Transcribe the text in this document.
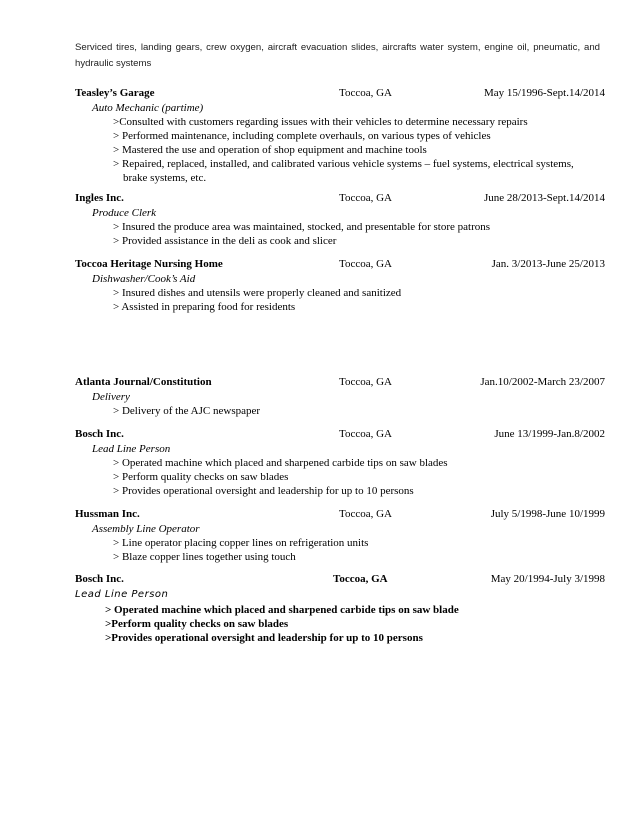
Serviced tires, landing gears, crew oxygen, aircraft evacuation slides, aircrafts water system, engine oil, pneumatic, and hydraulic systems
Teasley’s Garage	Toccoa, GA	May 15/1996-Sept.14/2014
Auto Mechanic (partime)
>Consulted with customers regarding issues with their vehicles to determine necessary repairs
> Performed maintenance, including complete overhauls, on various types of vehicles
> Mastered the use and operation of shop equipment and machine tools
> Repaired, replaced, installed, and calibrated various vehicle systems – fuel systems, electrical systems,
brake systems, etc.
Ingles Inc.	Toccoa, GA	June 28/2013-Sept.14/2014
Produce Clerk
> Insured the produce area was maintained, stocked, and presentable for store patrons
> Provided assistance in the deli as cook and slicer
Toccoa Heritage Nursing Home	Toccoa, GA	Jan. 3/2013-June 25/2013
Dishwasher/Cook’s Aid
> Insured dishes and utensils were properly cleaned and sanitized
> Assisted in preparing food for residents
Atlanta Journal/Constitution	Toccoa, GA	Jan.10/2002-March 23/2007
Delivery
> Delivery of the AJC newspaper
Bosch Inc.	Toccoa, GA	June 13/1999-Jan.8/2002
Lead Line Person
> Operated machine which placed and sharpened carbide tips on saw blades
> Perform quality checks on saw blades
> Provides operational oversight and leadership for up to 10 persons
Hussman Inc.	Toccoa, GA	July 5/1998-June 10/1999
Assembly Line Operator
> Line operator placing copper lines on refrigeration units
> Blaze copper lines together using touch
Bosch Inc.	Toccoa, GA	May 20/1994-July 3/1998
Lead Line Person
> Operated machine which placed and sharpened carbide tips on saw blade
>Perform quality checks on saw blades
>Provides operational oversight and leadership for up to 10 persons
